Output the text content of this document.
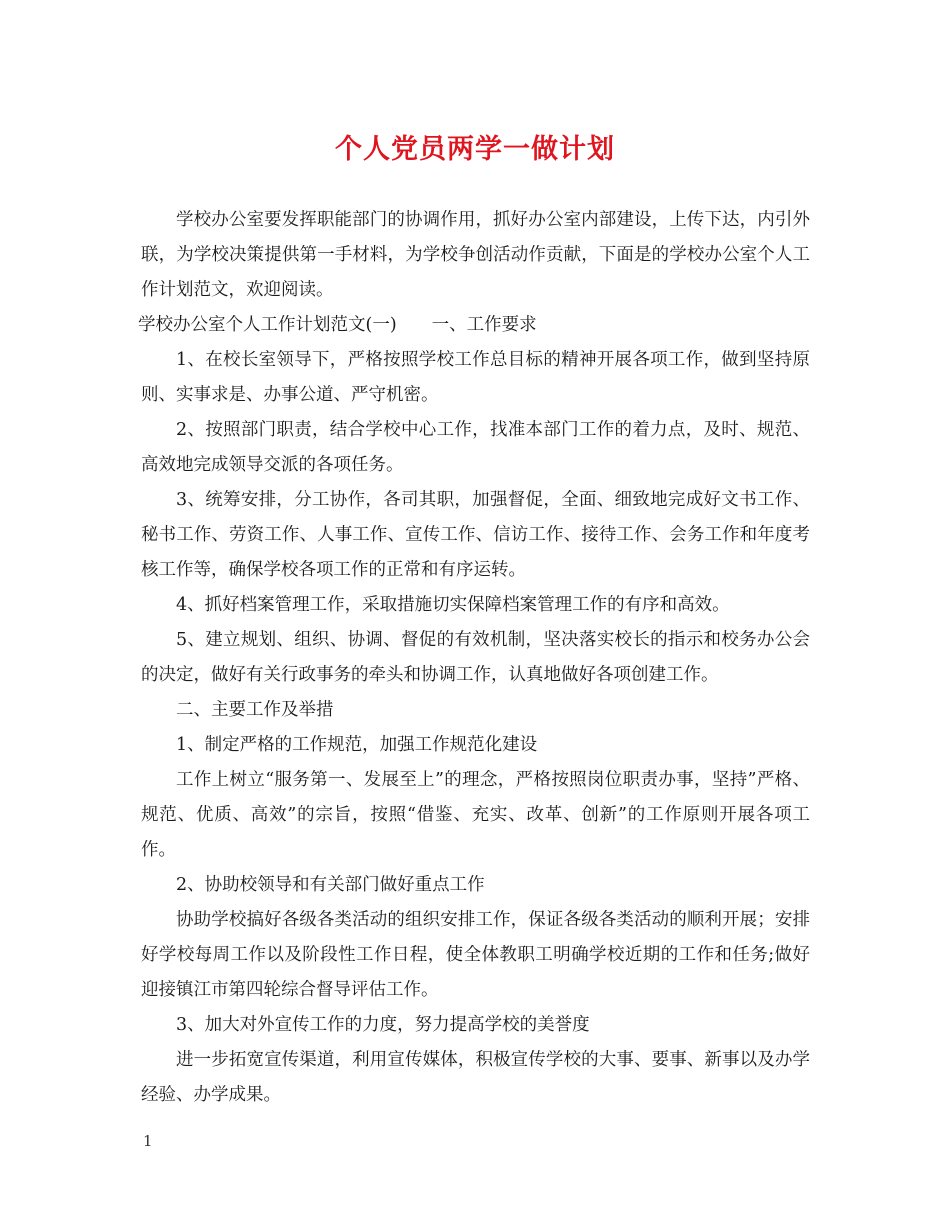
个人党员两学一做计划

学校办公室要发挥职能部门的协调作用，抓好办公室内部建设，上传下达，内引外联，为学校决策提供第一手材料，为学校争创活动作贡献，下面是的学校办公室个人工作计划范文，欢迎阅读。

学校办公室个人工作计划范文(一)　　一、工作要求

1、在校长室领导下，严格按照学校工作总目标的精神开展各项工作，做到坚持原则、实事求是、办事公道、严守机密。

2、按照部门职责，结合学校中心工作，找准本部门工作的着力点，及时、规范、高效地完成领导交派的各项任务。

3、统筹安排，分工协作，各司其职，加强督促，全面、细致地完成好文书工作、秘书工作、劳资工作、人事工作、宣传工作、信访工作、接待工作、会务工作和年度考核工作等，确保学校各项工作的正常和有序运转。

4、抓好档案管理工作，采取措施切实保障档案管理工作的有序和高效。

5、建立规划、组织、协调、督促的有效机制，坚决落实校长的指示和校务办公会的决定，做好有关行政事务的牵头和协调工作，认真地做好各项创建工作。

二、主要工作及举措

1、制定严格的工作规范，加强工作规范化建设

工作上树立“服务第一、发展至上”的理念，严格按照岗位职责办事，坚持”严格、规范、优质、高效”的宗旨，按照“借鉴、充实、改革、创新”的工作原则开展各项工作。

2、协助校领导和有关部门做好重点工作

协助学校搞好各级各类活动的组织安排工作，保证各级各类活动的顺利开展；安排好学校每周工作以及阶段性工作日程，使全体教职工明确学校近期的工作和任务;做好迎接镇江市第四轮综合督导评估工作。

3、加大对外宣传工作的力度，努力提高学校的美誉度

进一步拓宽宣传渠道，利用宣传媒体，积极宣传学校的大事、要事、新事以及办学经验、办学成果。

1
